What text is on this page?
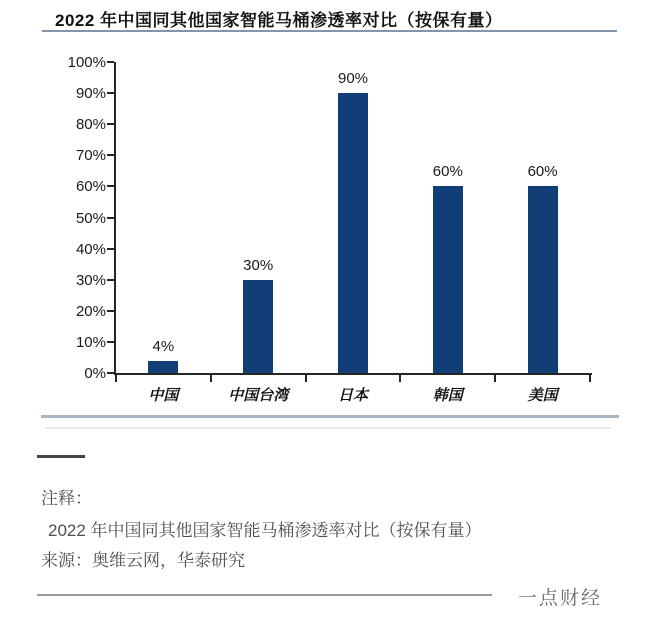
2022 年中国同其他国家智能马桶渗透率对比（按保有量）
0%
10%
20%
30%
40%
50%
60%
70%
80%
90%
100%
4%
中国
30%
中国台湾
90%
日本
60%
韩国
60%
美国
注释：
2022 年中国同其他国家智能马桶渗透率对比（按保有量）
来源：奥维云网，华泰研究
一点财经
